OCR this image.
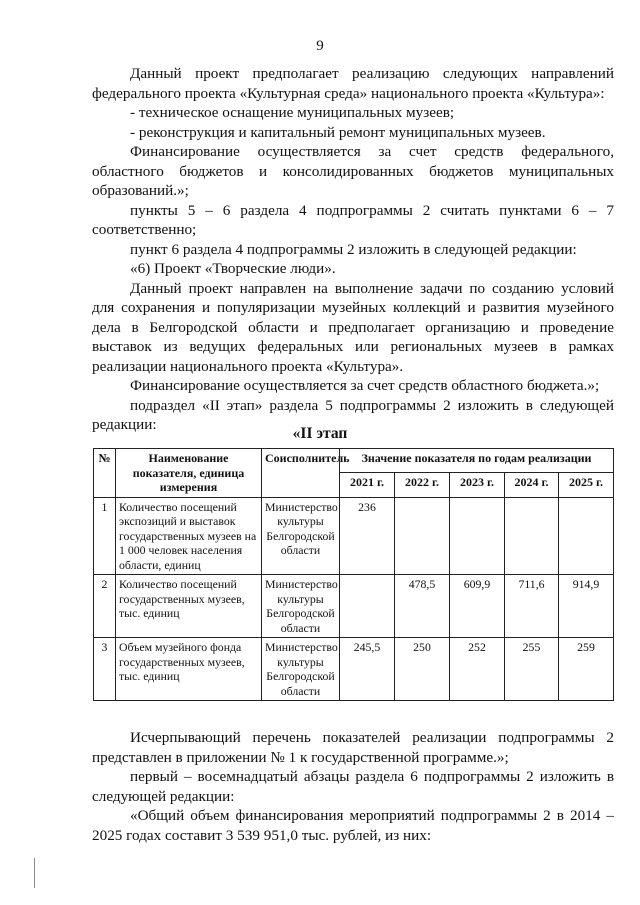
9

Данный проект предполагает реализацию следующих направлений федерального проекта «Культурная среда» национального проекта «Культура»:

- техническое оснащение муниципальных музеев;

- реконструкция и капитальный ремонт муниципальных музеев.

Финансирование осуществляется за счет средств федерального, областного бюджетов и консолидированных бюджетов муниципальных образований.»;

пункты 5 – 6 раздела 4 подпрограммы 2 считать пунктами 6 – 7 соответственно;

пункт 6 раздела 4 подпрограммы 2 изложить в следующей редакции:

«6) Проект «Творческие люди».

Данный проект направлен на выполнение задачи по созданию условий для сохранения и популяризации музейных коллекций и развития музейного дела в Белгородской области и предполагает организацию и проведение выставок из ведущих федеральных или региональных музеев в рамках реализации национального проекта «Культура».

Финансирование осуществляется за счет средств областного бюджета.»;

подраздел «II этап» раздела 5 подпрограммы 2 изложить в следующей редакции:

«II этап
№	Наименование показателя, единица измерения	Соисполнитель	Значение показателя по годам реализации				
			2021 г.	2022 г.	2023 г.	2024 г.	2025 г.
1	Количество посещений экспозиций и выставок государственных музеев на 1 000 человек населения области, единиц	Министерство культуры Белгородской области	236				
2	Количество посещений государственных музеев, тыс. единиц	Министерство культуры Белгородской области		478,5	609,9	711,6	914,9
3	Объем музейного фонда государственных музеев, тыс. единиц	Министерство культуры Белгородской области	245,5	250	252	255	259

Исчерпывающий перечень показателей реализации подпрограммы 2 представлен в приложении № 1 к государственной программе.»;

первый – восемнадцатый абзацы раздела 6 подпрограммы 2 изложить в следующей редакции:

«Общий объем финансирования мероприятий подпрограммы 2 в 2014 – 2025 годах составит 3 539 951,0 тыс. рублей, из них:
